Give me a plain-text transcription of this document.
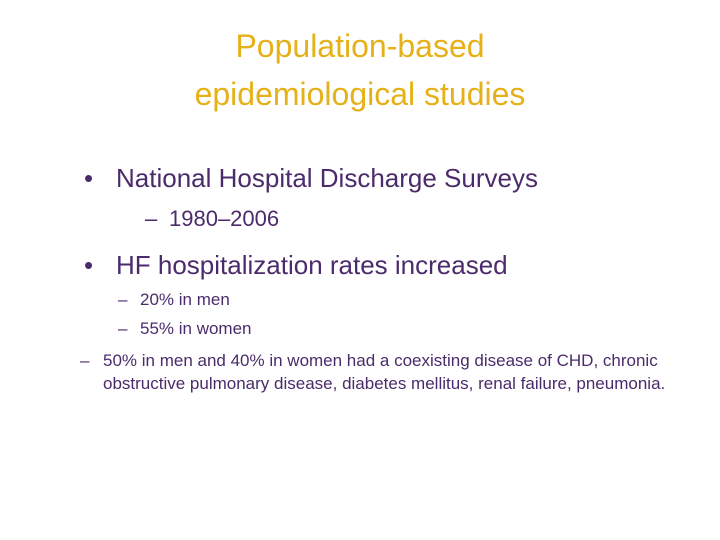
Population-based
epidemiological studies
• National Hospital Discharge Surveys
– 1980–2006
• HF hospitalization rates increased
– 20% in men
– 55% in women
– 50% in men and 40% in women had a coexisting disease of CHD, chronic obstructive pulmonary disease, diabetes mellitus, renal failure, pneumonia.
